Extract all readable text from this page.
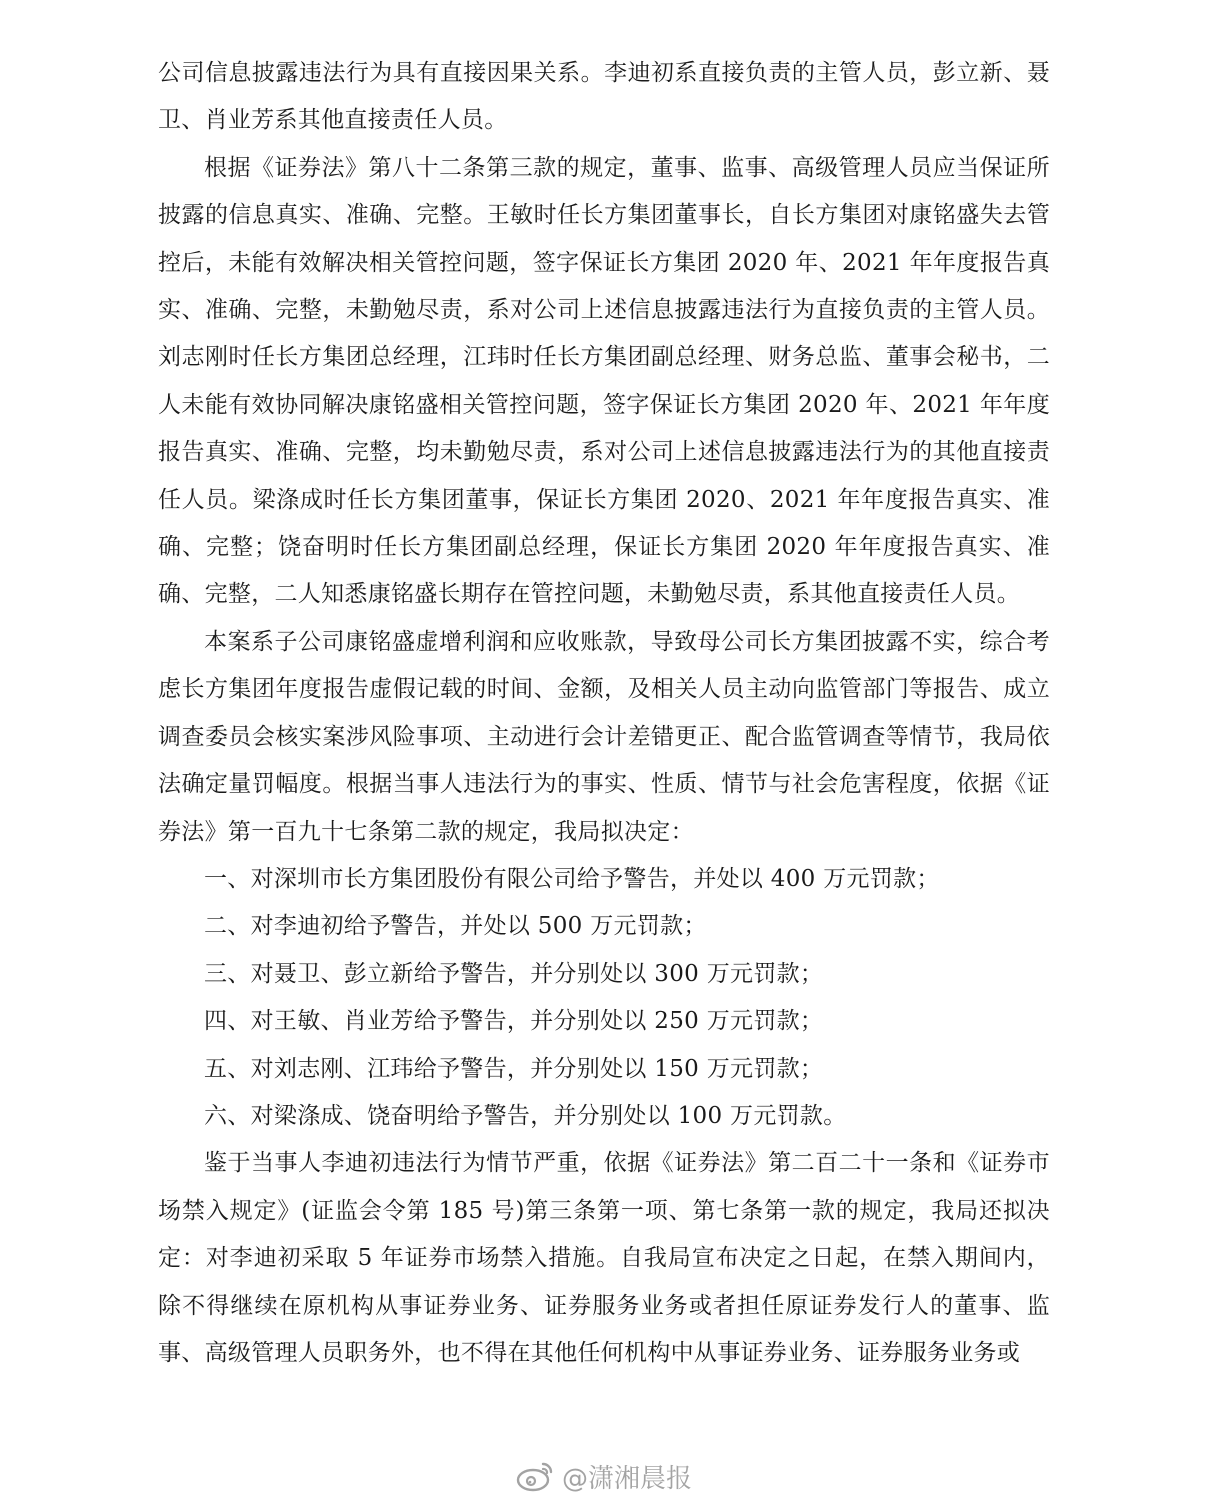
公司信息披露违法行为具有直接因果关系。李迪初系直接负责的主管人员，彭立新、聂卫、肖业芳系其他直接责任人员。

根据《证券法》第八十二条第三款的规定，董事、监事、高级管理人员应当保证所披露的信息真实、准确、完整。王敏时任长方集团董事长，自长方集团对康铭盛失去管控后，未能有效解决相关管控问题，签字保证长方集团 2020 年、2021 年年度报告真实、准确、完整，未勤勉尽责，系对公司上述信息披露违法行为直接负责的主管人员。刘志刚时任长方集团总经理，江玮时任长方集团副总经理、财务总监、董事会秘书，二人未能有效协同解决康铭盛相关管控问题，签字保证长方集团 2020 年、2021 年年度报告真实、准确、完整，均未勤勉尽责，系对公司上述信息披露违法行为的其他直接责任人员。梁涤成时任长方集团董事，保证长方集团 2020、2021 年年度报告真实、准确、完整；饶奋明时任长方集团副总经理，保证长方集团 2020 年年度报告真实、准确、完整，二人知悉康铭盛长期存在管控问题，未勤勉尽责，系其他直接责任人员。

本案系子公司康铭盛虚增利润和应收账款，导致母公司长方集团披露不实，综合考虑长方集团年度报告虚假记载的时间、金额，及相关人员主动向监管部门等报告、成立调查委员会核实案涉风险事项、主动进行会计差错更正、配合监管调查等情节，我局依法确定量罚幅度。根据当事人违法行为的事实、性质、情节与社会危害程度，依据《证券法》第一百九十七条第二款的规定，我局拟决定：

一、对深圳市长方集团股份有限公司给予警告，并处以 400 万元罚款；

二、对李迪初给予警告，并处以 500 万元罚款；

三、对聂卫、彭立新给予警告，并分别处以 300 万元罚款；

四、对王敏、肖业芳给予警告，并分别处以 250 万元罚款；

五、对刘志刚、江玮给予警告，并分别处以 150 万元罚款；

六、对梁涤成、饶奋明给予警告，并分别处以 100 万元罚款。

鉴于当事人李迪初违法行为情节严重，依据《证券法》第二百二十一条和《证券市场禁入规定》(证监会令第 185 号)第三条第一项、第七条第一款的规定，我局还拟决定：对李迪初采取 5 年证券市场禁入措施。自我局宣布决定之日起，在禁入期间内，除不得继续在原机构从事证券业务、证券服务业务或者担任原证券发行人的董事、监事、高级管理人员职务外，也不得在其他任何机构中从事证券业务、证券服务业务或

@潇湘晨报
